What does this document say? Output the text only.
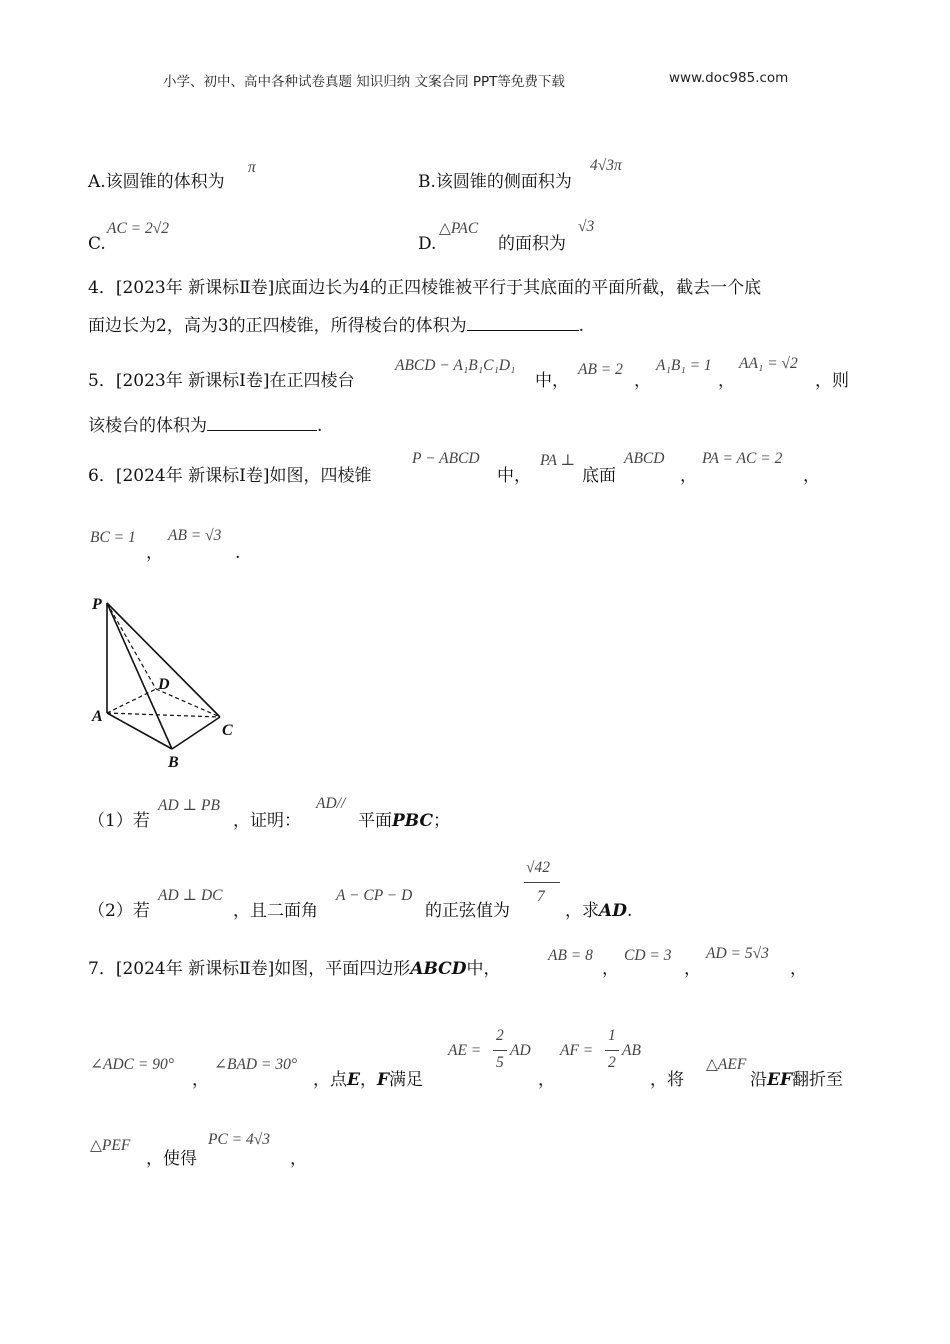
小学、初中、高中各种试卷真题 知识归纳 文案合同 PPT等免费下载	www.doc985.com
A.该圆锥的体积为
π
B.该圆锥的侧面积为
4√3π
C.
AC = 2√2
D.
△PAC
的面积为
√3
4．[2023年 新课标Ⅱ卷]底面边长为4的正四棱锥被平行于其底面的平面所截，截去一个底
面边长为2，高为3的正四棱锥，所得棱台的体积为	.
5．[2023年 新课标Ⅰ卷]在正四棱台
ABCD − A₁B₁C₁D₁
中，
AB = 2
，
A₁B₁ = 1
，
AA₁ = √2
，则
该棱台的体积为	.
6．[2024年 新课标Ⅰ卷]如图，四棱锥
P − ABCD
中，
PA ⊥
底面
ABCD
，
PA = AC = 2
，
BC = 1
，
AB = √3
.
P
A
B
C
D
（1）若
AD ⊥ PB
，证明：
AD//
平面PBC；
（2）若
AD ⊥ DC
，且二面角
A − CP − D
的正弦值为
√42
7
，求AD.
7．[2024年 新课标Ⅱ卷]如图，平面四边形ABCD中，
AB = 8
，
CD = 3
，
AD = 5√3
，
∠ADC = 90°
，
∠BAD = 30°
，点E，F满足
AE =
2
5
AD
，
AF =
1
2
AB
，将
△AEF
沿EF翻折至
△PEF
，使得
PC = 4√3
，
